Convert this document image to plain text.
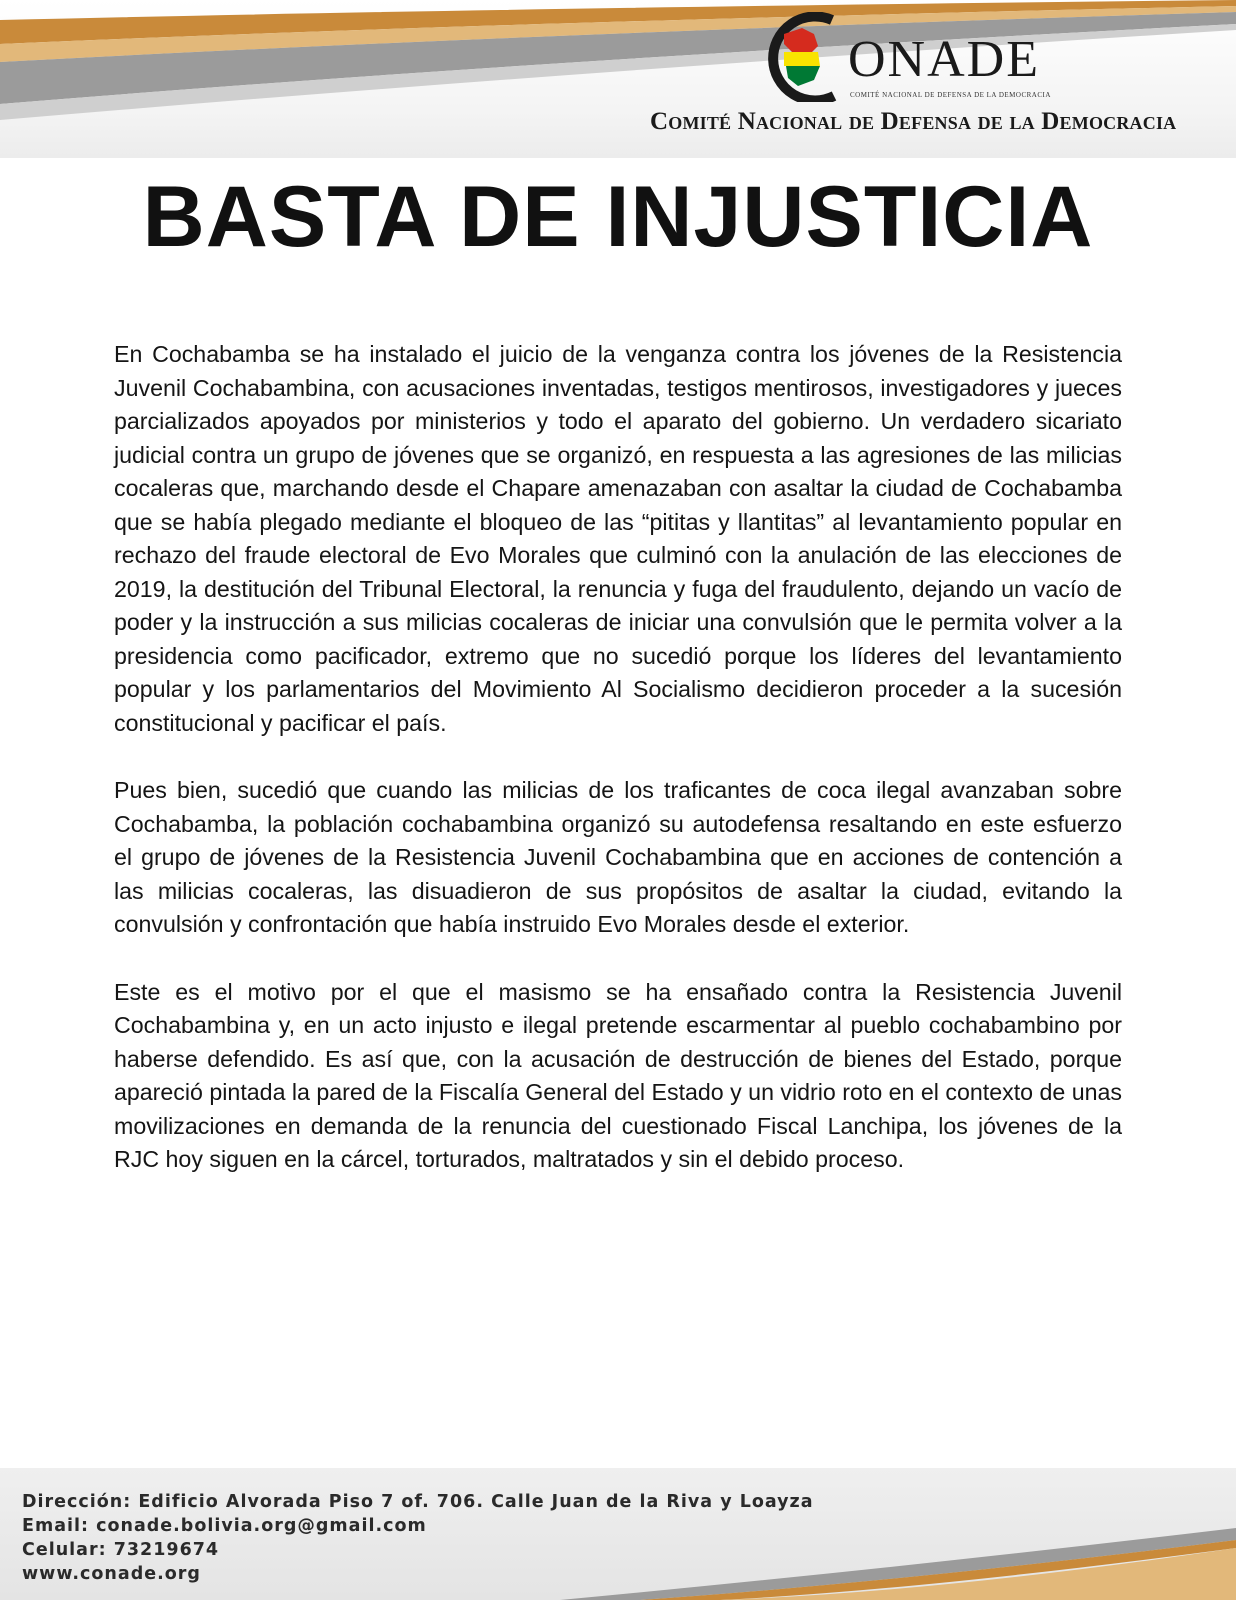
ONADE
COMITÉ NACIONAL DE DEFENSA DE LA DEMOCRACIA
Comité Nacional de Defensa de la Democracia
BASTA DE INJUSTICIA

En Cochabamba se ha instalado el juicio de la venganza contra los jóvenes de la Resistencia Juvenil Cochabambina, con acusaciones inventadas, testigos mentirosos, investigadores y jueces parcializados apoyados por ministerios y todo el aparato del gobierno. Un verdadero sicariato judicial contra un grupo de jóvenes que se organizó, en respuesta a las agresiones de las milicias cocaleras que, marchando desde el Chapare amenazaban con asaltar la ciudad de Cochabamba que se había plegado mediante el bloqueo de las “pititas y llantitas” al levantamiento popular en rechazo del fraude electoral de Evo Morales que culminó con la anulación de las elecciones de 2019, la destitución del Tribunal Electoral, la renuncia y fuga del fraudulento, dejando un vacío de poder y la instrucción a sus milicias cocaleras de iniciar una convulsión que le permita volver a la presidencia como pacificador, extremo que no sucedió porque los líderes del levantamiento popular y los parlamentarios del Movimiento Al Socialismo decidieron proceder a la sucesión constitucional y pacificar el país.

Pues bien, sucedió que cuando las milicias de los traficantes de coca ilegal avanzaban sobre Cochabamba, la población cochabambina organizó su autodefensa resaltando en este esfuerzo el grupo de jóvenes de la Resistencia Juvenil Cochabambina que en acciones de contención a las milicias cocaleras, las disuadieron de sus propósitos de asaltar la ciudad, evitando la convulsión y confrontación que había instruido Evo Morales desde el exterior.

Este es el motivo por el que el masismo se ha ensañado contra la Resistencia Juvenil Cochabambina y, en un acto injusto e ilegal pretende escarmentar al pueblo cochabambino por haberse defendido. Es así que, con la acusación de destrucción de bienes del Estado, porque apareció pintada la pared de la Fiscalía General del Estado y un vidrio roto en el contexto de unas movilizaciones en demanda de la renuncia del cuestionado Fiscal Lanchipa, los jóvenes de la RJC hoy siguen en la cárcel, torturados, maltratados y sin el debido proceso.

Dirección: Edificio Alvorada Piso 7 of. 706. Calle Juan de la Riva y Loayza
Email: conade.bolivia.org@gmail.com
Celular: 73219674
www.conade.org
